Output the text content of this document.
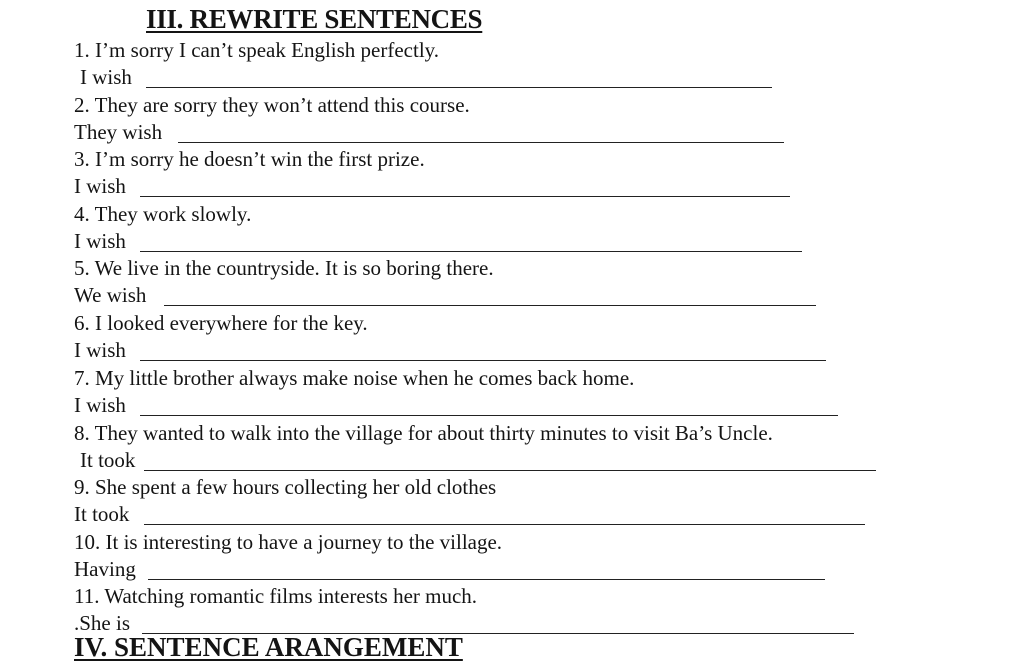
III. REWRITE SENTENCES
1. I’m sorry I can’t speak English perfectly.
I wish
2. They are sorry they won’t attend this course.
They wish
3. I’m sorry he doesn’t win the first prize.
I wish
4. They work slowly.
I wish
5. We live in the countryside. It is so boring there.
We wish
6. I looked everywhere for the key.
I wish
7. My little brother always make noise when he comes back home.
I wish
8. They wanted to walk into the village for about thirty minutes to visit Ba’s Uncle.
It took
9. She spent a few hours collecting her old clothes
It took
10. It is interesting to have a journey to the village.
Having
11. Watching romantic films interests her much.
.She is
IV. SENTENCE ARANGEMENT
